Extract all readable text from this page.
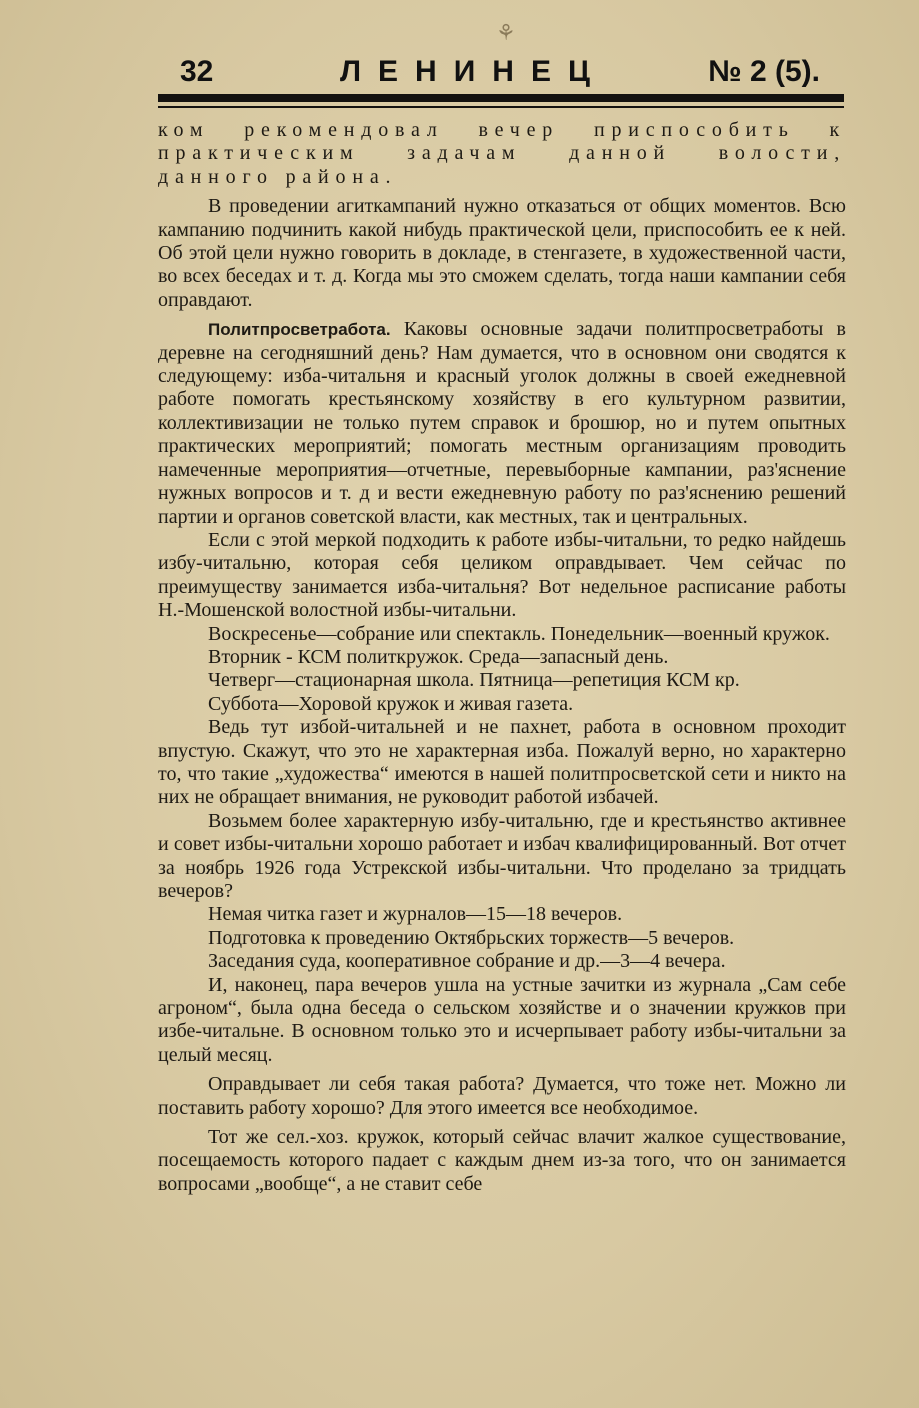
⚘
32	ЛЕНИНЕЦ	№ 2 (5).

ком рекомендовал вечер приспособить к практическим задачам данной волости, данного района.

В проведении агиткампаний нужно отказаться от общих моментов. Всю кампанию подчинить какой нибудь практической цели, приспособить ее к ней. Об этой цели нужно говорить в докладе, в стенгазете, в художественной части, во всех беседах и т. д. Когда мы это сможем сделать, тогда наши кампании себя оправдают.

Политпросветработа. Каковы основные задачи политпросветработы в деревне на сегодняшний день? Нам думается, что в основном они сводятся к следующему: изба-читальня и красный уголок должны в своей ежедневной работе помогать крестьянскому хозяйству в его культурном развитии, коллективизации не только путем справок и брошюр, но и путем опытных практических мероприятий; помогать местным организациям проводить намеченные мероприятия—отчетные, перевыборные кампании, раз'яснение нужных вопросов и т. д и вести ежедневную работу по раз'яснению решений партии и органов советской власти, как местных, так и центральных.

Если с этой меркой подходить к работе избы-читальни, то редко найдешь избу-читальню, которая себя целиком оправдывает. Чем сейчас по преимуществу занимается изба-читальня? Вот недельное расписание работы Н.-Мошенской волостной избы-читальни.

Воскресенье—собрание или спектакль. Понедельник—военный кружок.

Вторник - КСМ политкружок. Среда—запасный день.

Четверг—стационарная школа. Пятница—репетиция КСМ кр.

Суббота—Хоровой кружок и живая газета.

Ведь тут избой-читальней и не пахнет, работа в основном проходит впустую. Скажут, что это не характерная изба. Пожалуй верно, но характерно то, что такие „художества“ имеются в нашей политпросветской сети и никто на них не обращает внимания, не руководит работой избачей.

Возьмем более характерную избу-читальню, где и крестьянство активнее и совет избы-читальни хорошо работает и избач квалифицированный. Вот отчет за ноябрь 1926 года Устрекской избы-читальни. Что проделано за тридцать вечеров?

Немая читка газет и журналов—15—18 вечеров.

Подготовка к проведению Октябрьских торжеств—5 вечеров.

Заседания суда, кооперативное собрание и др.—3—4 вечера.

И, наконец, пара вечеров ушла на устные зачитки из журнала „Сам себе агроном“, была одна беседа о сельском хозяйстве и о значении кружков при избе-читальне. В основном только это и исчерпывает работу избы-читальни за целый месяц.

Оправдывает ли себя такая работа? Думается, что тоже нет. Можно ли поставить работу хорошо? Для этого имеется все необходимое.

Тот же сел.-хоз. кружок, который сейчас влачит жалкое существование, посещаемость которого падает с каждым днем из-за того, что он занимается вопросами „вообще“, а не ставит себе
